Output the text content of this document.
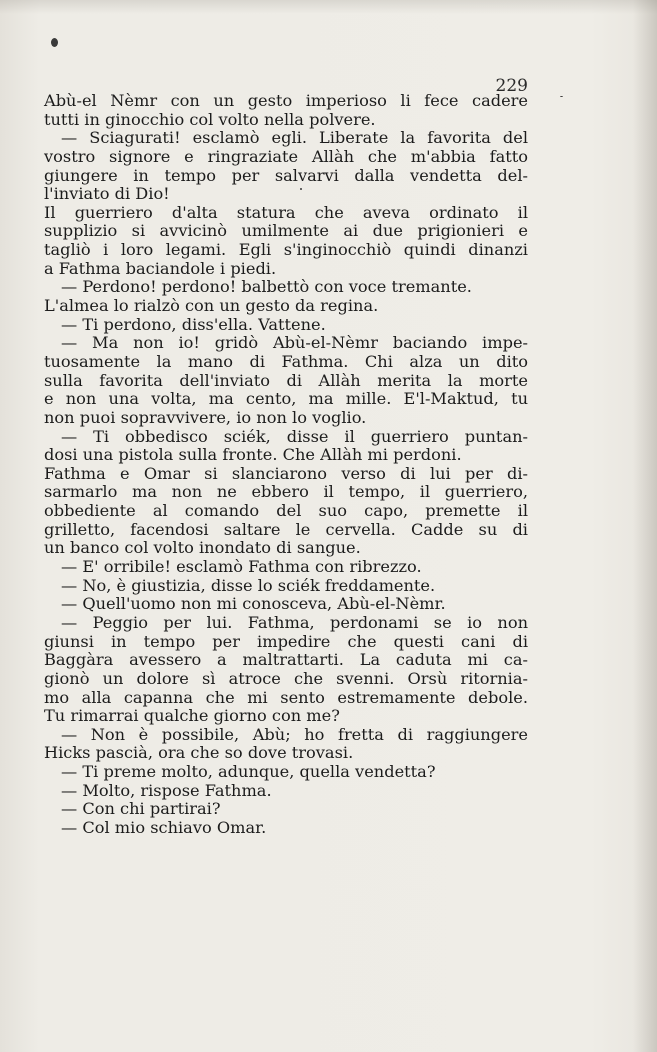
229
Abù-el Nèmr con un gesto imperioso li fece cadere
tutti in ginocchio col volto nella polvere.
— Sciagurati! esclamò egli. Liberate la favorita del
vostro signore e ringraziate Allàh che m'abbia fatto
giungere in tempo per salvarvi dalla vendetta del-
l'inviato di Dio!
Il guerriero d'alta statura che aveva ordinato il
supplizio si avvicinò umilmente ai due prigionieri e
tagliò i loro legami. Egli s'inginocchiò quindi dinanzi
a Fathma baciandole i piedi.
— Perdono! perdono! balbettò con voce tremante.
L'almea lo rialzò con un gesto da regina.
— Ti perdono, diss'ella. Vattene.
— Ma non io! gridò Abù-el-Nèmr baciando impe-
tuosamente la mano di Fathma. Chi alza un dito
sulla favorita dell'inviato di Allàh merita la morte
e non una volta, ma cento, ma mille. E'l-Maktud, tu
non puoi sopravvivere, io non lo voglio.
— Ti obbedisco sciék, disse il guerriero puntan-
dosi una pistola sulla fronte. Che Allàh mi perdoni.
Fathma e Omar si slanciarono verso di lui per di-
sarmarlo ma non ne ebbero il tempo, il guerriero,
obbediente al comando del suo capo, premette il
grilletto, facendosi saltare le cervella. Cadde su di
un banco col volto inondato di sangue.
— E' orribile! esclamò Fathma con ribrezzo.
— No, è giustizia, disse lo sciék freddamente.
— Quell'uomo non mi conosceva, Abù-el-Nèmr.
— Peggio per lui. Fathma, perdonami se io non
giunsi in tempo per impedire che questi cani di
Baggàra avessero a maltrattarti. La caduta mi ca-
gionò un dolore sì atroce che svenni. Orsù ritornia-
mo alla capanna che mi sento estremamente debole.
Tu rimarrai qualche giorno con me?
— Non è possibile, Abù; ho fretta di raggiungere
Hicks pascià, ora che so dove trovasi.
— Ti preme molto, adunque, quella vendetta?
— Molto, rispose Fathma.
— Con chi partirai?
— Col mio schiavo Omar.
